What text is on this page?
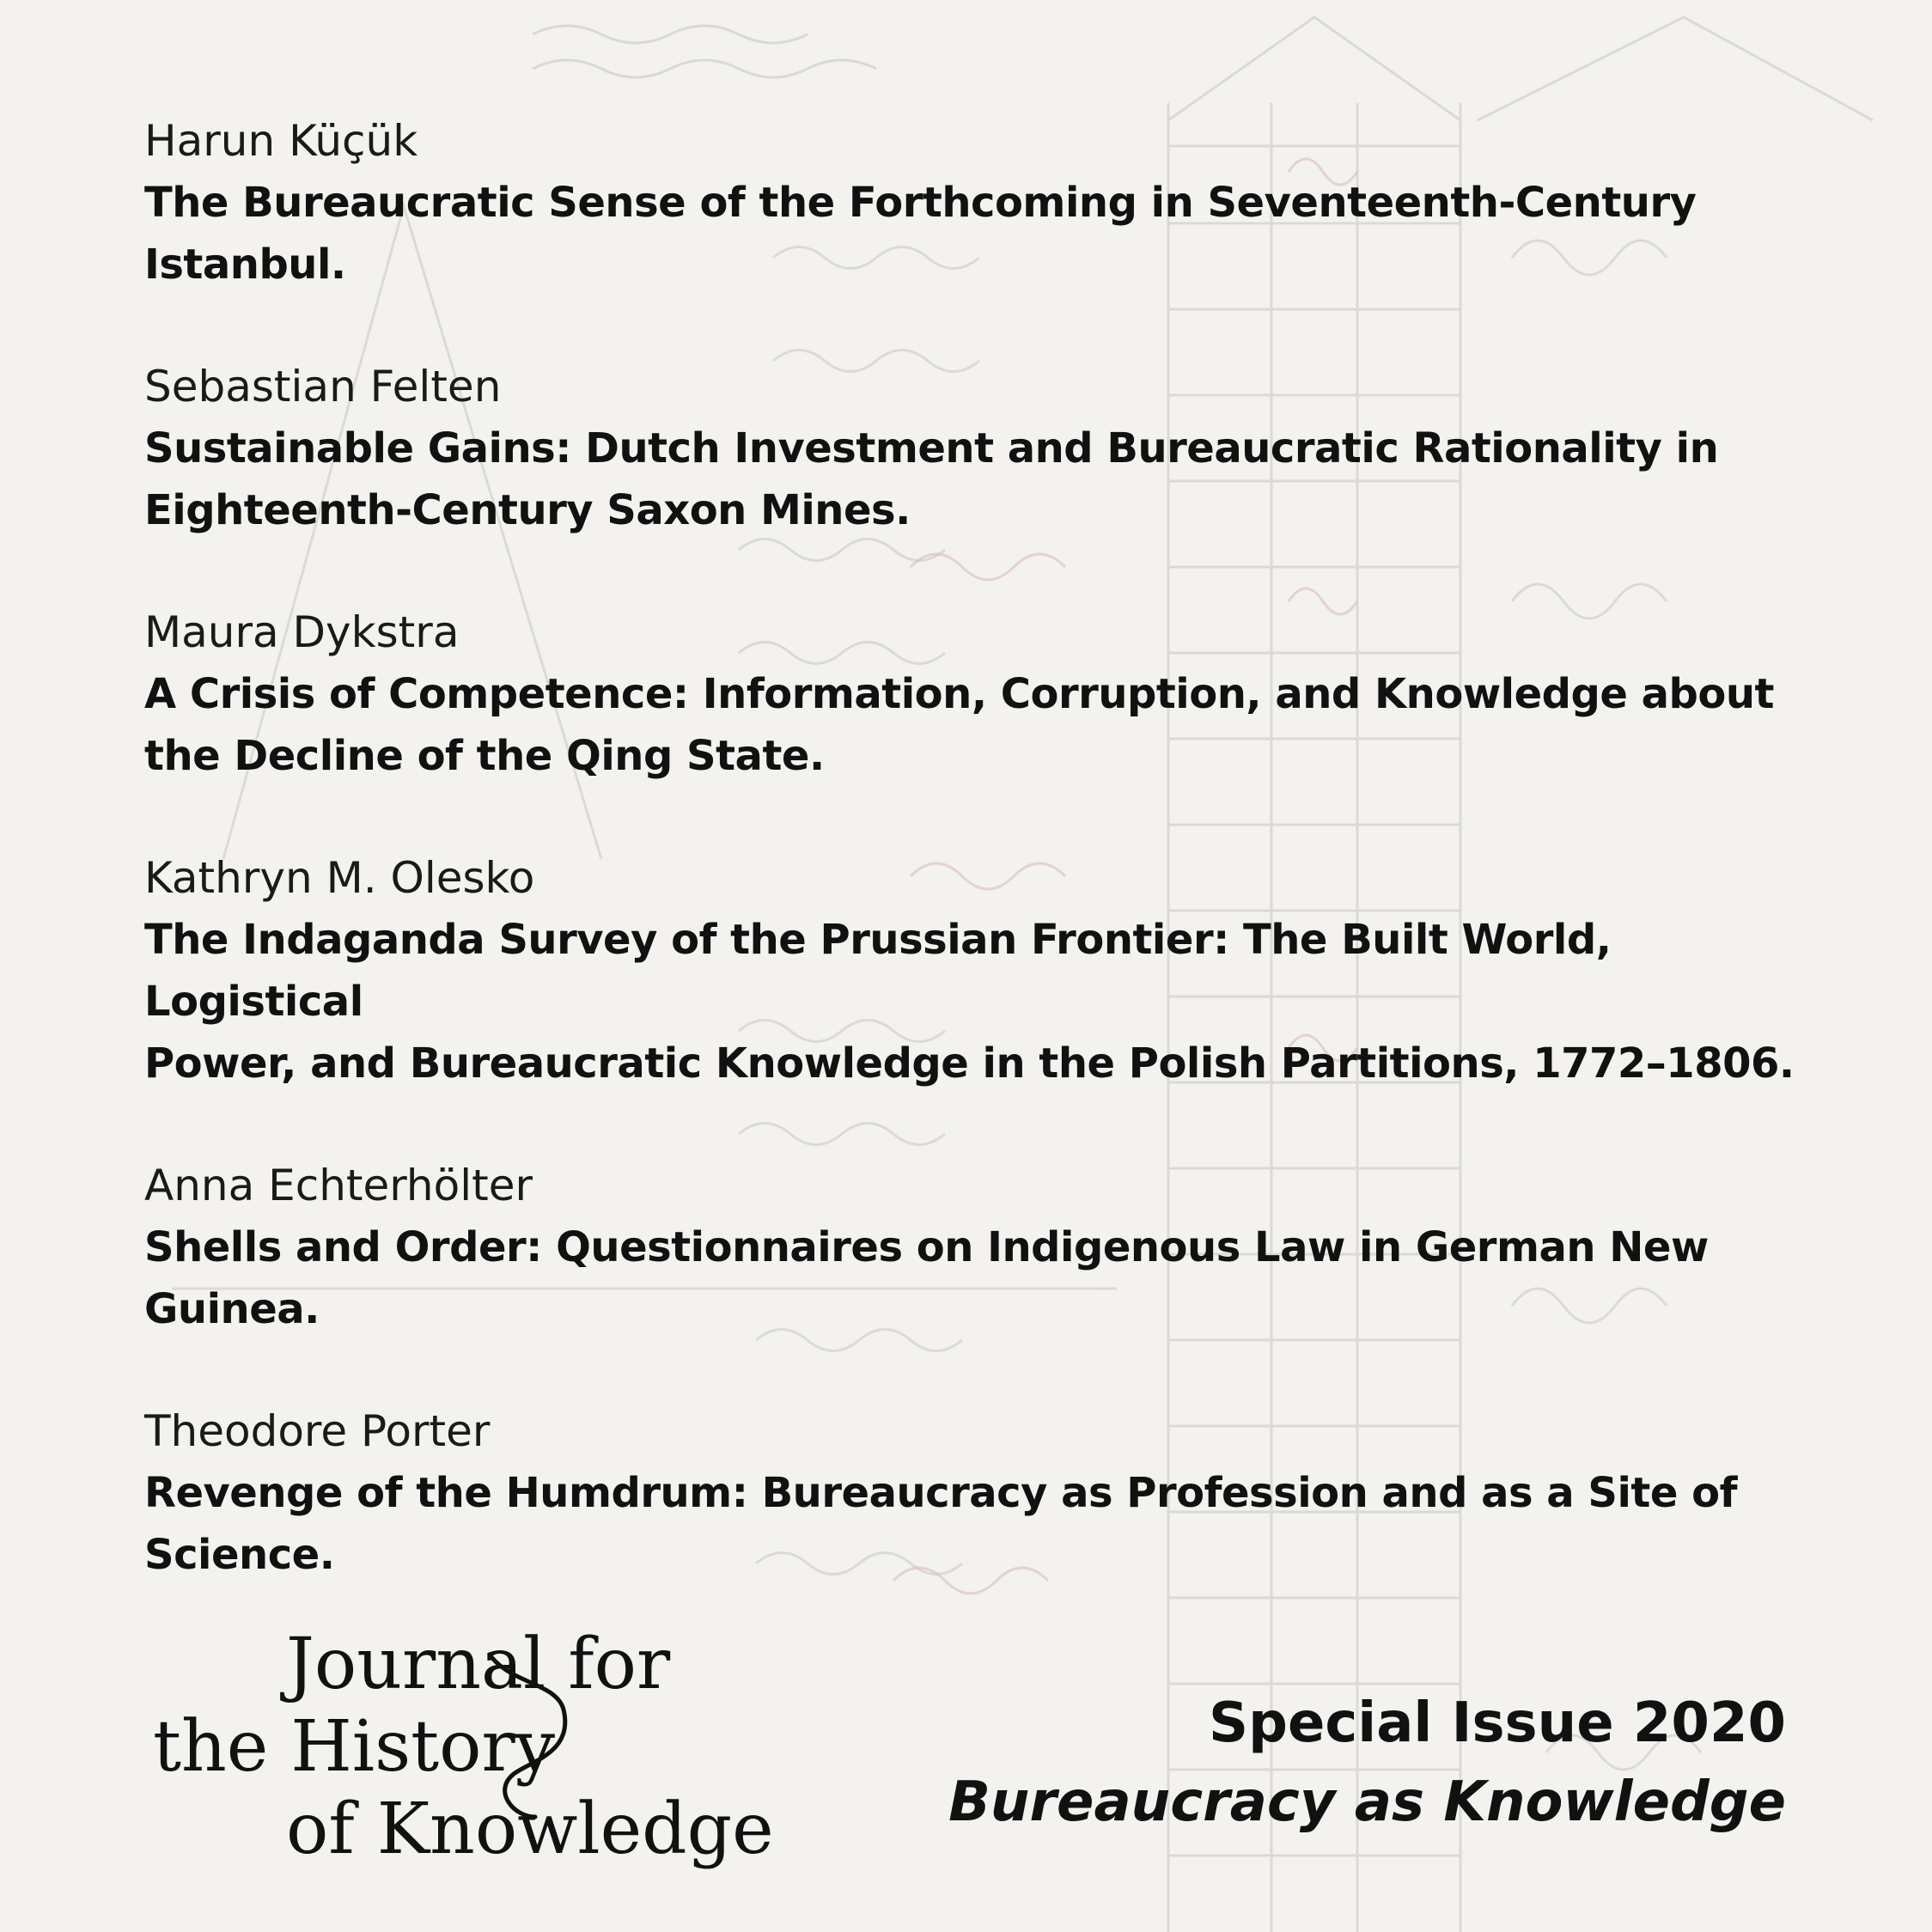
Harun Küçük
The Bureaucratic Sense of the Forthcoming in Seventeenth-Century
Istanbul.
Sebastian Felten
Sustainable Gains: Dutch Investment and Bureaucratic Rationality in
Eighteenth-Century Saxon Mines.
Maura Dykstra
A Crisis of Competence: Information, Corruption, and Knowledge about
the Decline of the Qing State.
Kathryn M. Olesko
The Indaganda Survey of the Prussian Frontier: The Built World, Logistical
Power, and Bureaucratic Knowledge in the Polish Partitions, 1772–1806.
Anna Echterhölter
Shells and Order: Questionnaires on Indigenous Law in German New
Guinea.
Theodore Porter
Revenge of the Humdrum: Bureaucracy as Profession and as a Site of
Science.
Journal for
the History
of Knowledge
Special Issue 2020
Bureaucracy as Knowledge
